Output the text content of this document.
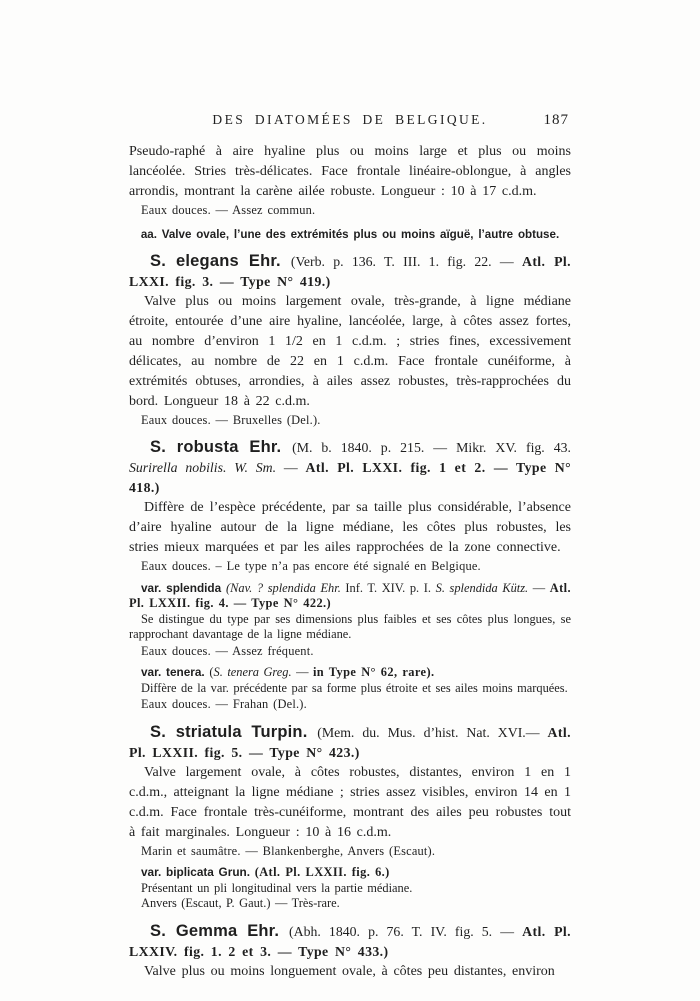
DES DIATOMÉES DE BELGIQUE.	187

Pseudo-raphé à aire hyaline plus ou moins large et plus ou moins lancéolée. Stries très-délicates. Face frontale linéaire-oblongue, à angles arrondis, montrant la carène ailée robuste. Longueur : 10 à 17 c.d.m.

Eaux douces. — Assez commun.

aa. Valve ovale, l’une des extrémités plus ou moins aïguë, l’autre obtuse.

S. elegans Ehr. (Verb. p. 136. T. III. 1. fig. 22. — Atl. Pl. LXXI. fig. 3. — Type N° 419.)

Valve plus ou moins largement ovale, très-grande, à ligne médiane étroite, entourée d’une aire hyaline, lancéolée, large, à côtes assez fortes, au nombre d’environ 1 1/2 en 1 c.d.m. ; stries fines, excessivement délicates, au nombre de 22 en 1 c.d.m. Face frontale cunéiforme, à extrémités obtuses, arrondies, à ailes assez robustes, très-rapprochées du bord. Longueur 18 à 22 c.d.m.

Eaux douces. — Bruxelles (Del.).

S. robusta Ehr. (M. b. 1840. p. 215. — Mikr. XV. fig. 43. Surirella nobilis. W. Sm. — Atl. Pl. LXXI. fig. 1 et 2. — Type N° 418.)

Diffère de l’espèce précédente, par sa taille plus considérable, l’absence d’aire hyaline autour de la ligne médiane, les côtes plus robustes, les stries mieux marquées et par les ailes rapprochées de la zone connective.

Eaux douces. – Le type n’a pas encore été signalé en Belgique.

var. splendida (Nav. ? splendida Ehr. Inf. T. XIV. p. I. S. splendida Kütz. — Atl. Pl. LXXII. fig. 4. — Type N° 422.)

Se distingue du type par ses dimensions plus faibles et ses côtes plus longues, se rapprochant davantage de la ligne médiane.

Eaux douces. — Assez fréquent.

var. tenera. (S. tenera Greg. — in Type N° 62, rare).

Diffère de la var. précédente par sa forme plus étroite et ses ailes moins marquées.

Eaux douces. — Frahan (Del.).

S. striatula Turpin. (Mem. du. Mus. d’hist. Nat. XVI.— Atl. Pl. LXXII. fig. 5. — Type N° 423.)

Valve largement ovale, à côtes robustes, distantes, environ 1 en 1 c.d.m., atteignant la ligne médiane ; stries assez visibles, environ 14 en 1 c.d.m. Face frontale très-cunéiforme, montrant des ailes peu robustes tout à fait marginales. Longueur : 10 à 16 c.d.m.

Marin et saumâtre. — Blankenberghe, Anvers (Escaut).

var. biplicata Grun. (Atl. Pl. LXXII. fig. 6.)

Présentant un pli longitudinal vers la partie médiane.

Anvers (Escaut, P. Gaut.) — Très-rare.

S. Gemma Ehr. (Abh. 1840. p. 76. T. IV. fig. 5. — Atl. Pl. LXXIV. fig. 1. 2 et 3. — Type N° 433.)

Valve plus ou moins longuement ovale, à côtes peu distantes, environ
